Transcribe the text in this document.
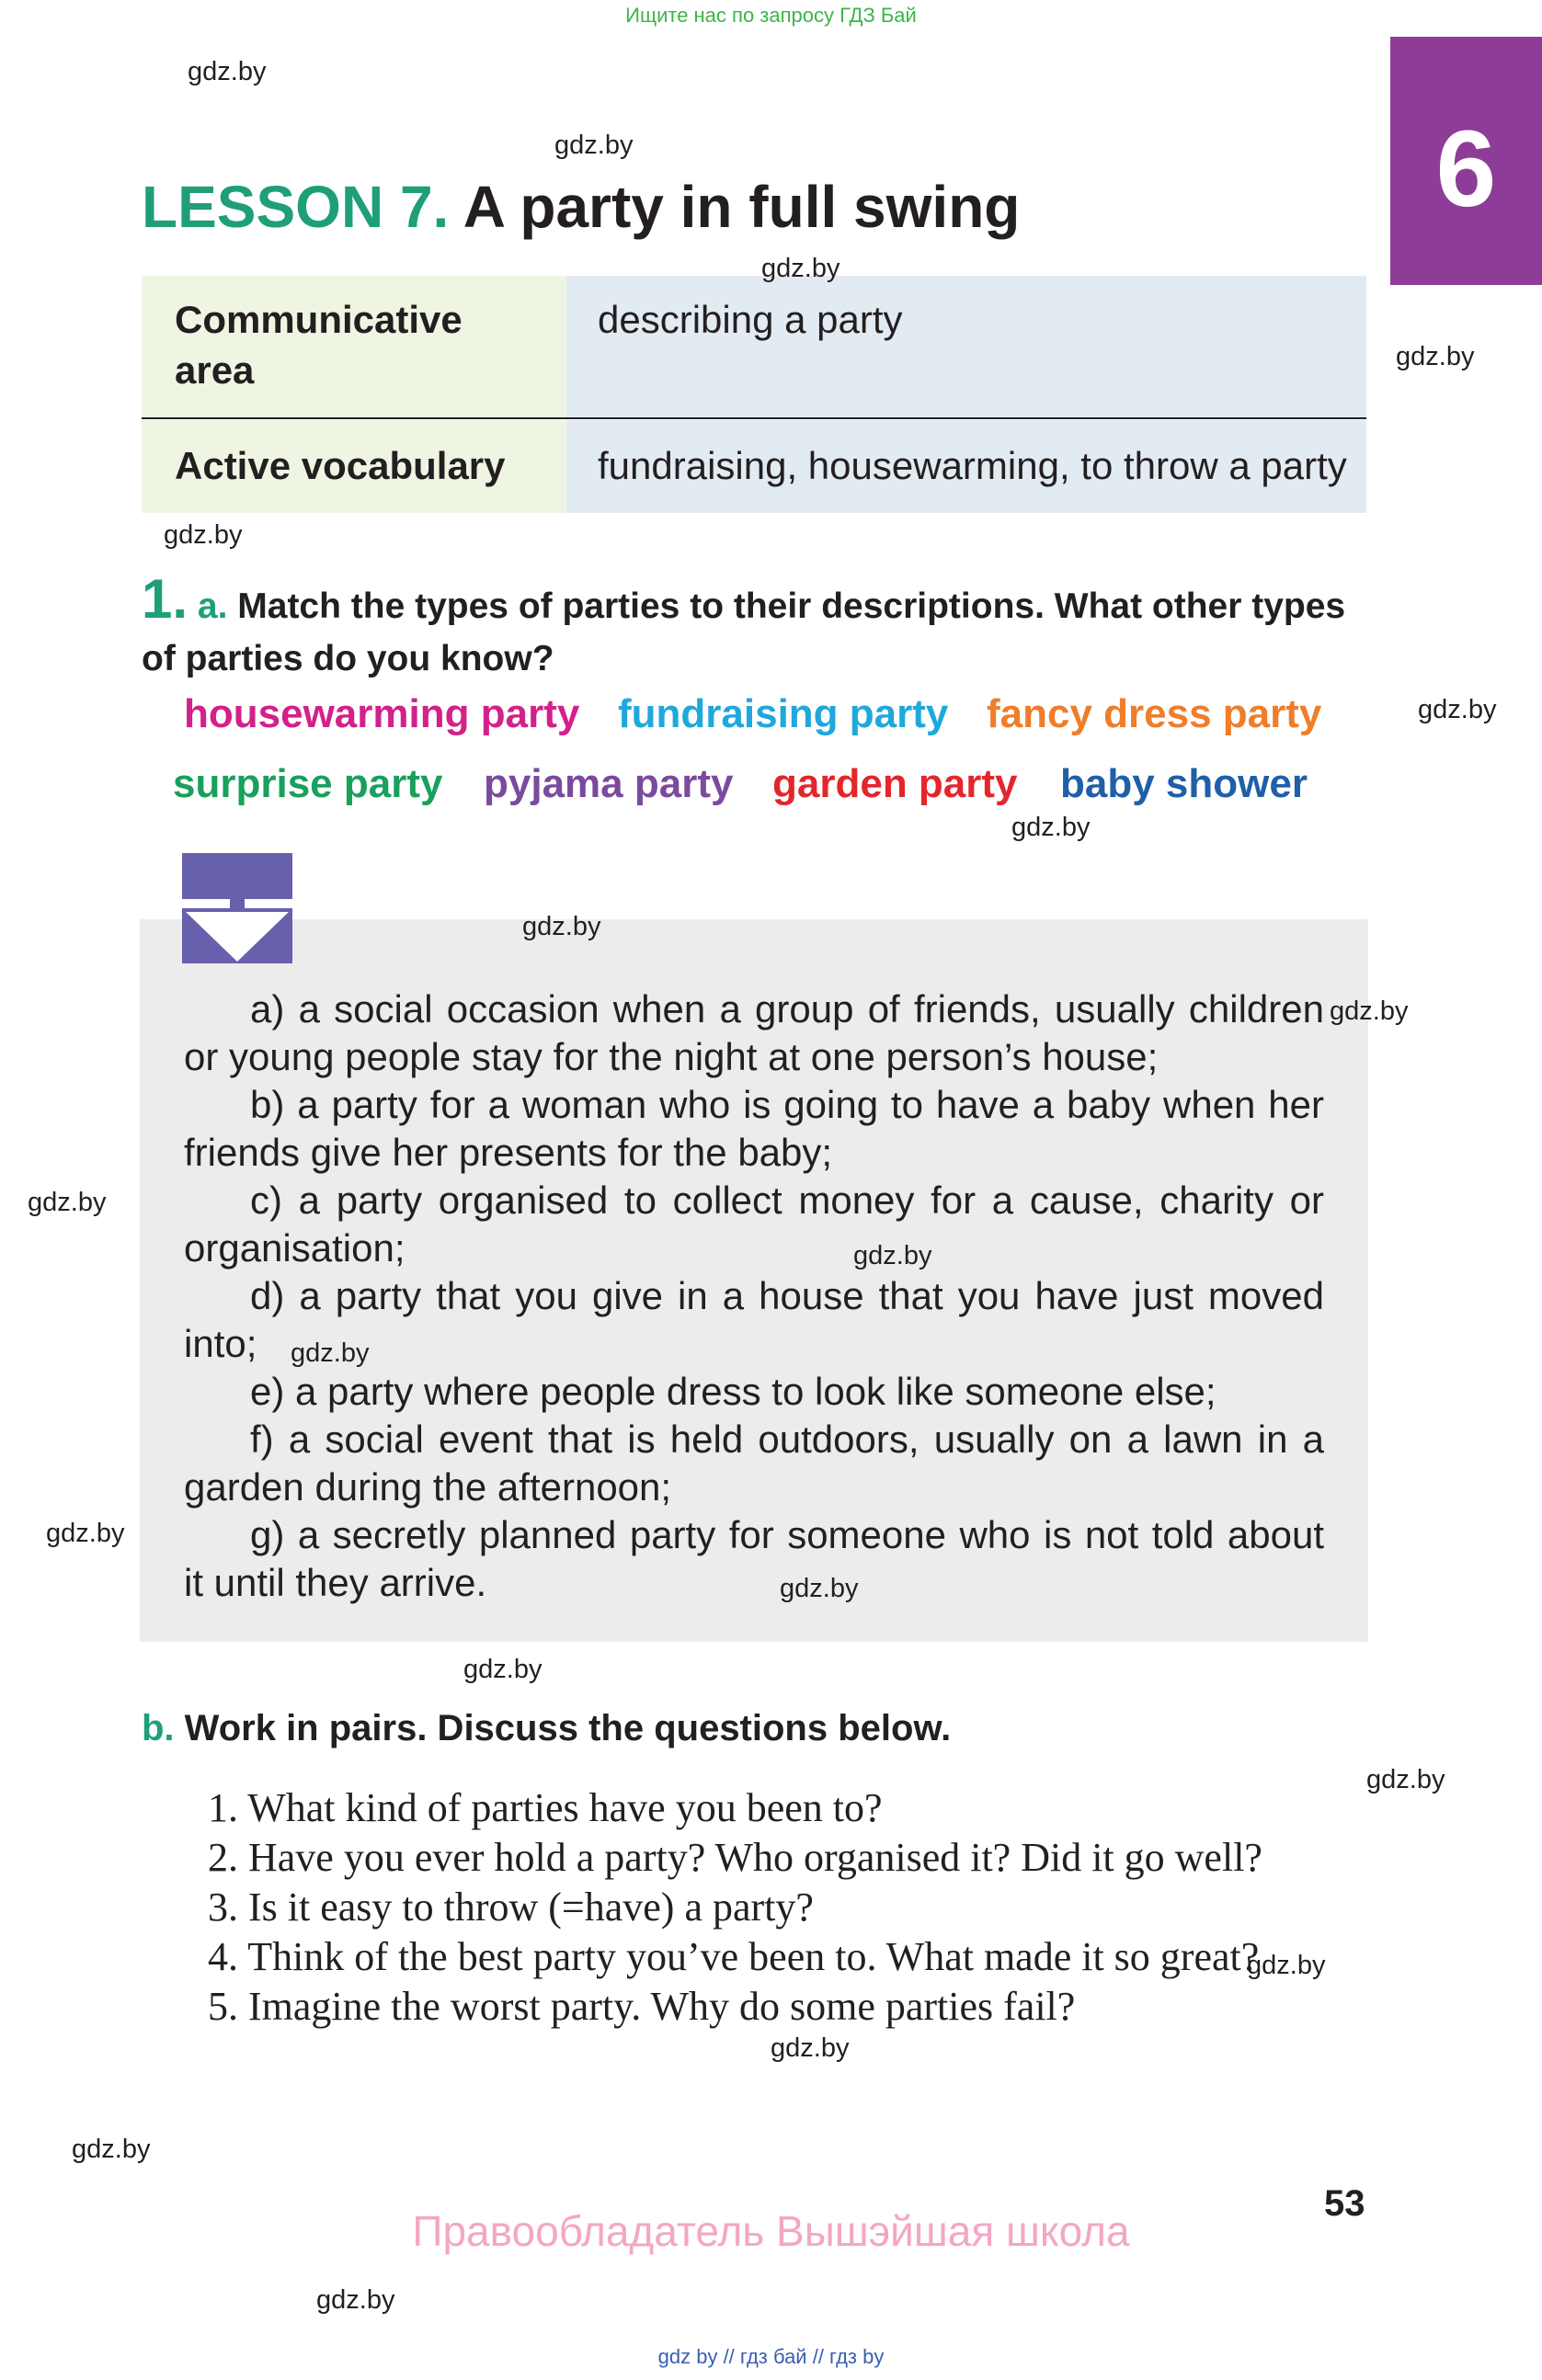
Ищите нас по запросу ГДЗ Бай
6
LESSON 7. A party in full swing
Communicative area
describing a party
Active vocabulary fundraising, housewarming, to throw a party
1. a. Match the types of parties to their descriptions. What other types of parties do you know?
housewarming party fundraising party fancy dress party
surprise party pyjama party garden party baby shower

a) a social occasion when a group of friends, usually children or young people stay for the night at one person’s house;

b) a party for a woman who is going to have a baby when her friends give her presents for the baby;

c) a party organised to collect money for a cause, charity or organisation;

d) a party that you give in a house that you have just moved into;

e) a party where people dress to look like someone else;

f) a social event that is held outdoors, usually on a lawn in a garden during the afternoon;

g) a secretly planned party for someone who is not told about it until they arrive.

b. Work in pairs. Discuss the questions below.

1. What kind of parties have you been to?

2. Have you ever hold a party? Who organised it? Did it go well?

3. Is it easy to throw (=have) a party?

4. Think of the best party you’ve been to. What made it so great?

5. Imagine the worst party. Why do some parties fail?

53
Правообладатель Вышэйшая школа
gdz by // гдз бай // гдз by
gdz.by
gdz.by
gdz.by
gdz.by
gdz.by
gdz.by
gdz.by
gdz.by
gdz.by
gdz.by
gdz.by
gdz.by
gdz.by
gdz.by
gdz.by
gdz.by
gdz.by
gdz.by
gdz.by
gdz.by
